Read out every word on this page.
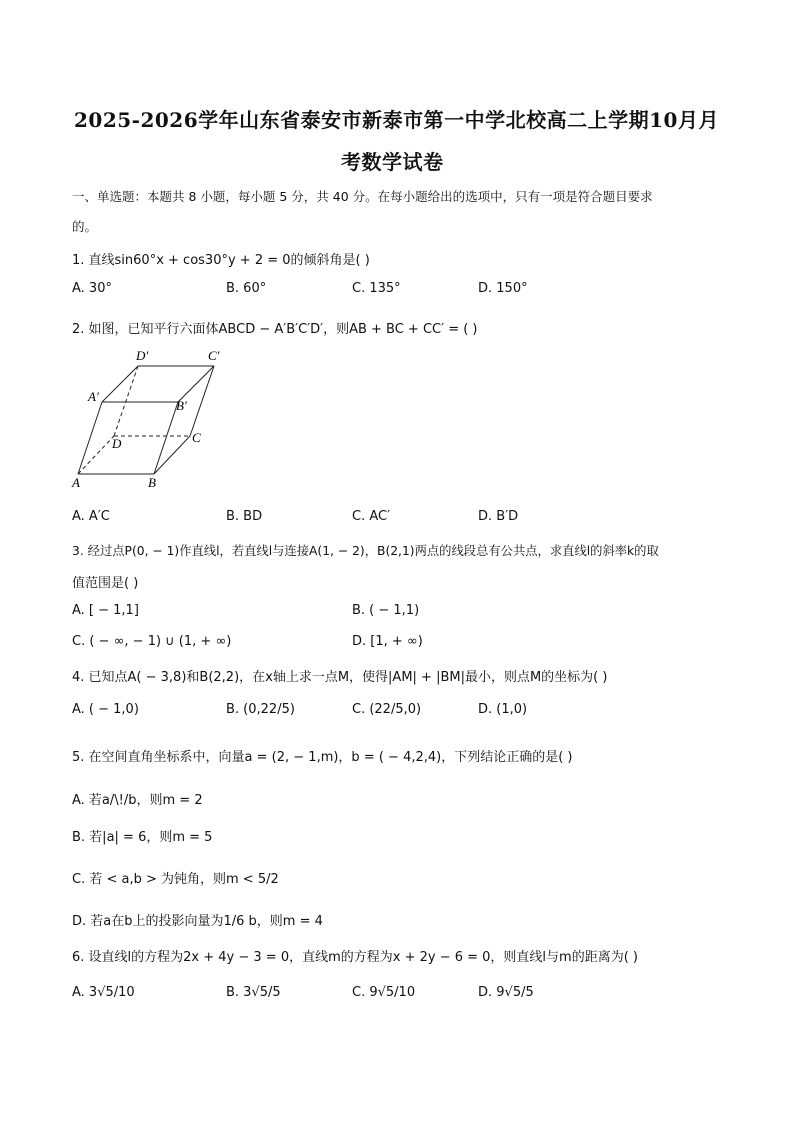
2025-2026学年山东省泰安市新泰市第一中学北校高二上学期10月月
考数学试卷
一、单选题：本题共 8 小题，每小题 5 分，共 40 分。在每小题给出的选项中，只有一项是符合题目要求
的。
1. 直线sin60°x + cos30°y + 2 = 0的倾斜角是( )
A. 30°	B. 60°	C. 135°	D. 150°
2. 如图，已知平行六面体ABCD − A′B′C′D′，则AB + BC + CC′ = ( )
D′	C′
A′
B′
D	C
A	B
A. A′C	B. BD	C. AC′	D. B′D
3. 经过点P(0, − 1)作直线l，若直线l与连接A(1, − 2)，B(2,1)两点的线段总有公共点，求直线l的斜率k的取
值范围是( )
A. [ − 1,1]	B. ( − 1,1)
C. ( − ∞, − 1) ∪ (1, + ∞)	D. [1, + ∞)
4. 已知点A( − 3,8)和B(2,2)，在x轴上求一点M，使得|AM| + |BM|最小，则点M的坐标为( )
A. ( − 1,0)	B. (0,22/5)	C. (22/5,0)	D. (1,0)
5. 在空间直角坐标系中，向量a = (2, − 1,m)，b = ( − 4,2,4)，下列结论正确的是( )
A. 若a/\!/b，则m = 2
B. 若|a| = 6，则m = 5
C. 若 < a,b > 为钝角，则m < 5/2
D. 若a在b上的投影向量为1/6 b，则m = 4
6. 设直线l的方程为2x + 4y − 3 = 0，直线m的方程为x + 2y − 6 = 0，则直线l与m的距离为( )
A. 3√5/10	B. 3√5/5	C. 9√5/10	D. 9√5/5
